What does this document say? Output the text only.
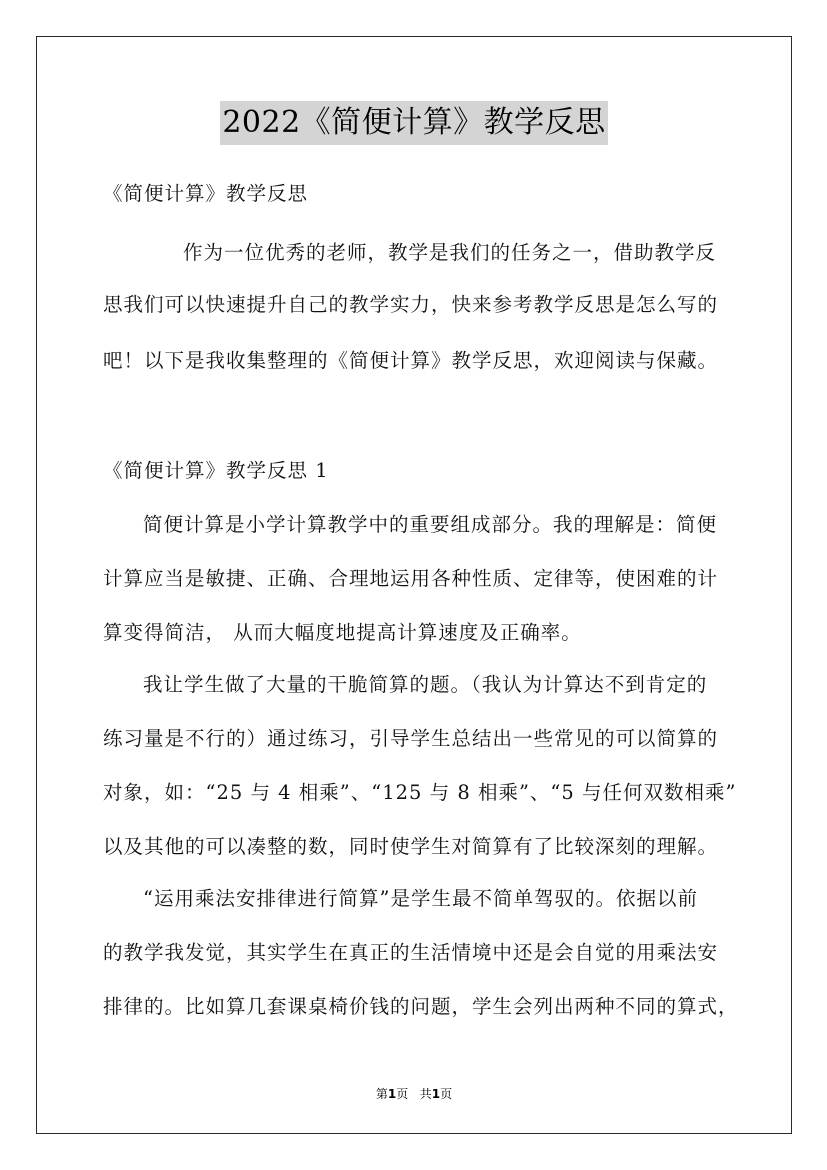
2022《简便计算》教学反思
《简便计算》教学反思
作为一位优秀的老师，教学是我们的任务之一，借助教学反
思我们可以快速提升自己的教学实力，快来参考教学反思是怎么写的
吧！以下是我收集整理的《简便计算》教学反思，欢迎阅读与保藏。
《简便计算》教学反思 1
简便计算是小学计算教学中的重要组成部分。我的理解是：简便
计算应当是敏捷、正确、合理地运用各种性质、定律等，使困难的计
算变得简洁， 从而大幅度地提高计算速度及正确率。
我让学生做了大量的干脆简算的题。（我认为计算达不到肯定的
练习量是不行的）通过练习，引导学生总结出一些常见的可以简算的
对象，如：“25 与 4 相乘”、“125 与 8 相乘”、“5 与任何双数相乘”
以及其他的可以凑整的数，同时使学生对简算有了比较深刻的理解。
“运用乘法安排律进行简算”是学生最不简单驾驭的。依据以前
的教学我发觉，其实学生在真正的生活情境中还是会自觉的用乘法安
排律的。比如算几套课桌椅价钱的问题，学生会列出两种不同的算式，
第1页 共1页
